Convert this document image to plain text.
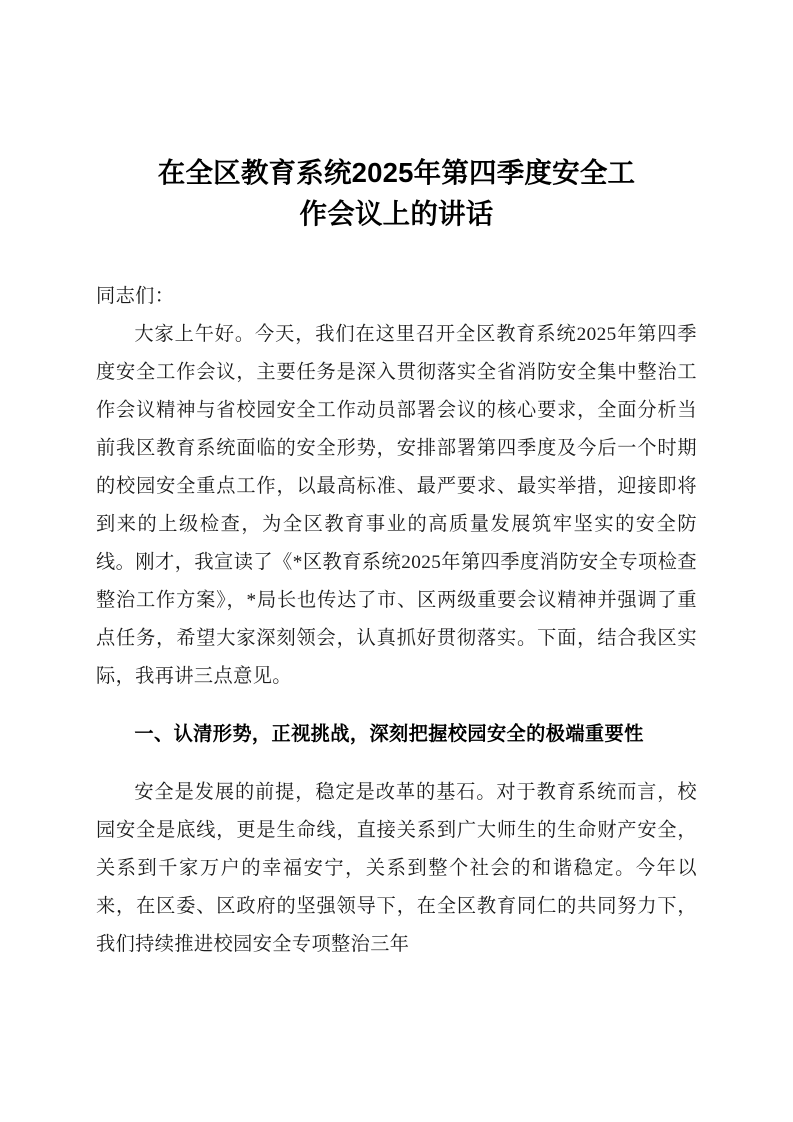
在全区教育系统2025年第四季度安全工
作会议上的讲话

同志们：

大家上午好。今天，我们在这里召开全区教育系统2025年第四季度安全工作会议，主要任务是深入贯彻落实全省消防安全集中整治工作会议精神与省校园安全工作动员部署会议的核心要求，全面分析当前我区教育系统面临的安全形势，安排部署第四季度及今后一个时期的校园安全重点工作，以最高标准、最严要求、最实举措，迎接即将到来的上级检查，为全区教育事业的高质量发展筑牢坚实的安全防线。刚才，我宣读了《*区教育系统2025年第四季度消防安全专项检查整治工作方案》，*局长也传达了市、区两级重要会议精神并强调了重点任务，希望大家深刻领会，认真抓好贯彻落实。下面，结合我区实际，我再讲三点意见。

一、认清形势，正视挑战，深刻把握校园安全的极端重要性

安全是发展的前提，稳定是改革的基石。对于教育系统而言，校园安全是底线，更是生命线，直接关系到广大师生的生命财产安全，关系到千家万户的幸福安宁，关系到整个社会的和谐稳定。今年以来，在区委、区政府的坚强领导下，在全区教育同仁的共同努力下，我们持续推进校园安全专项整治三年
